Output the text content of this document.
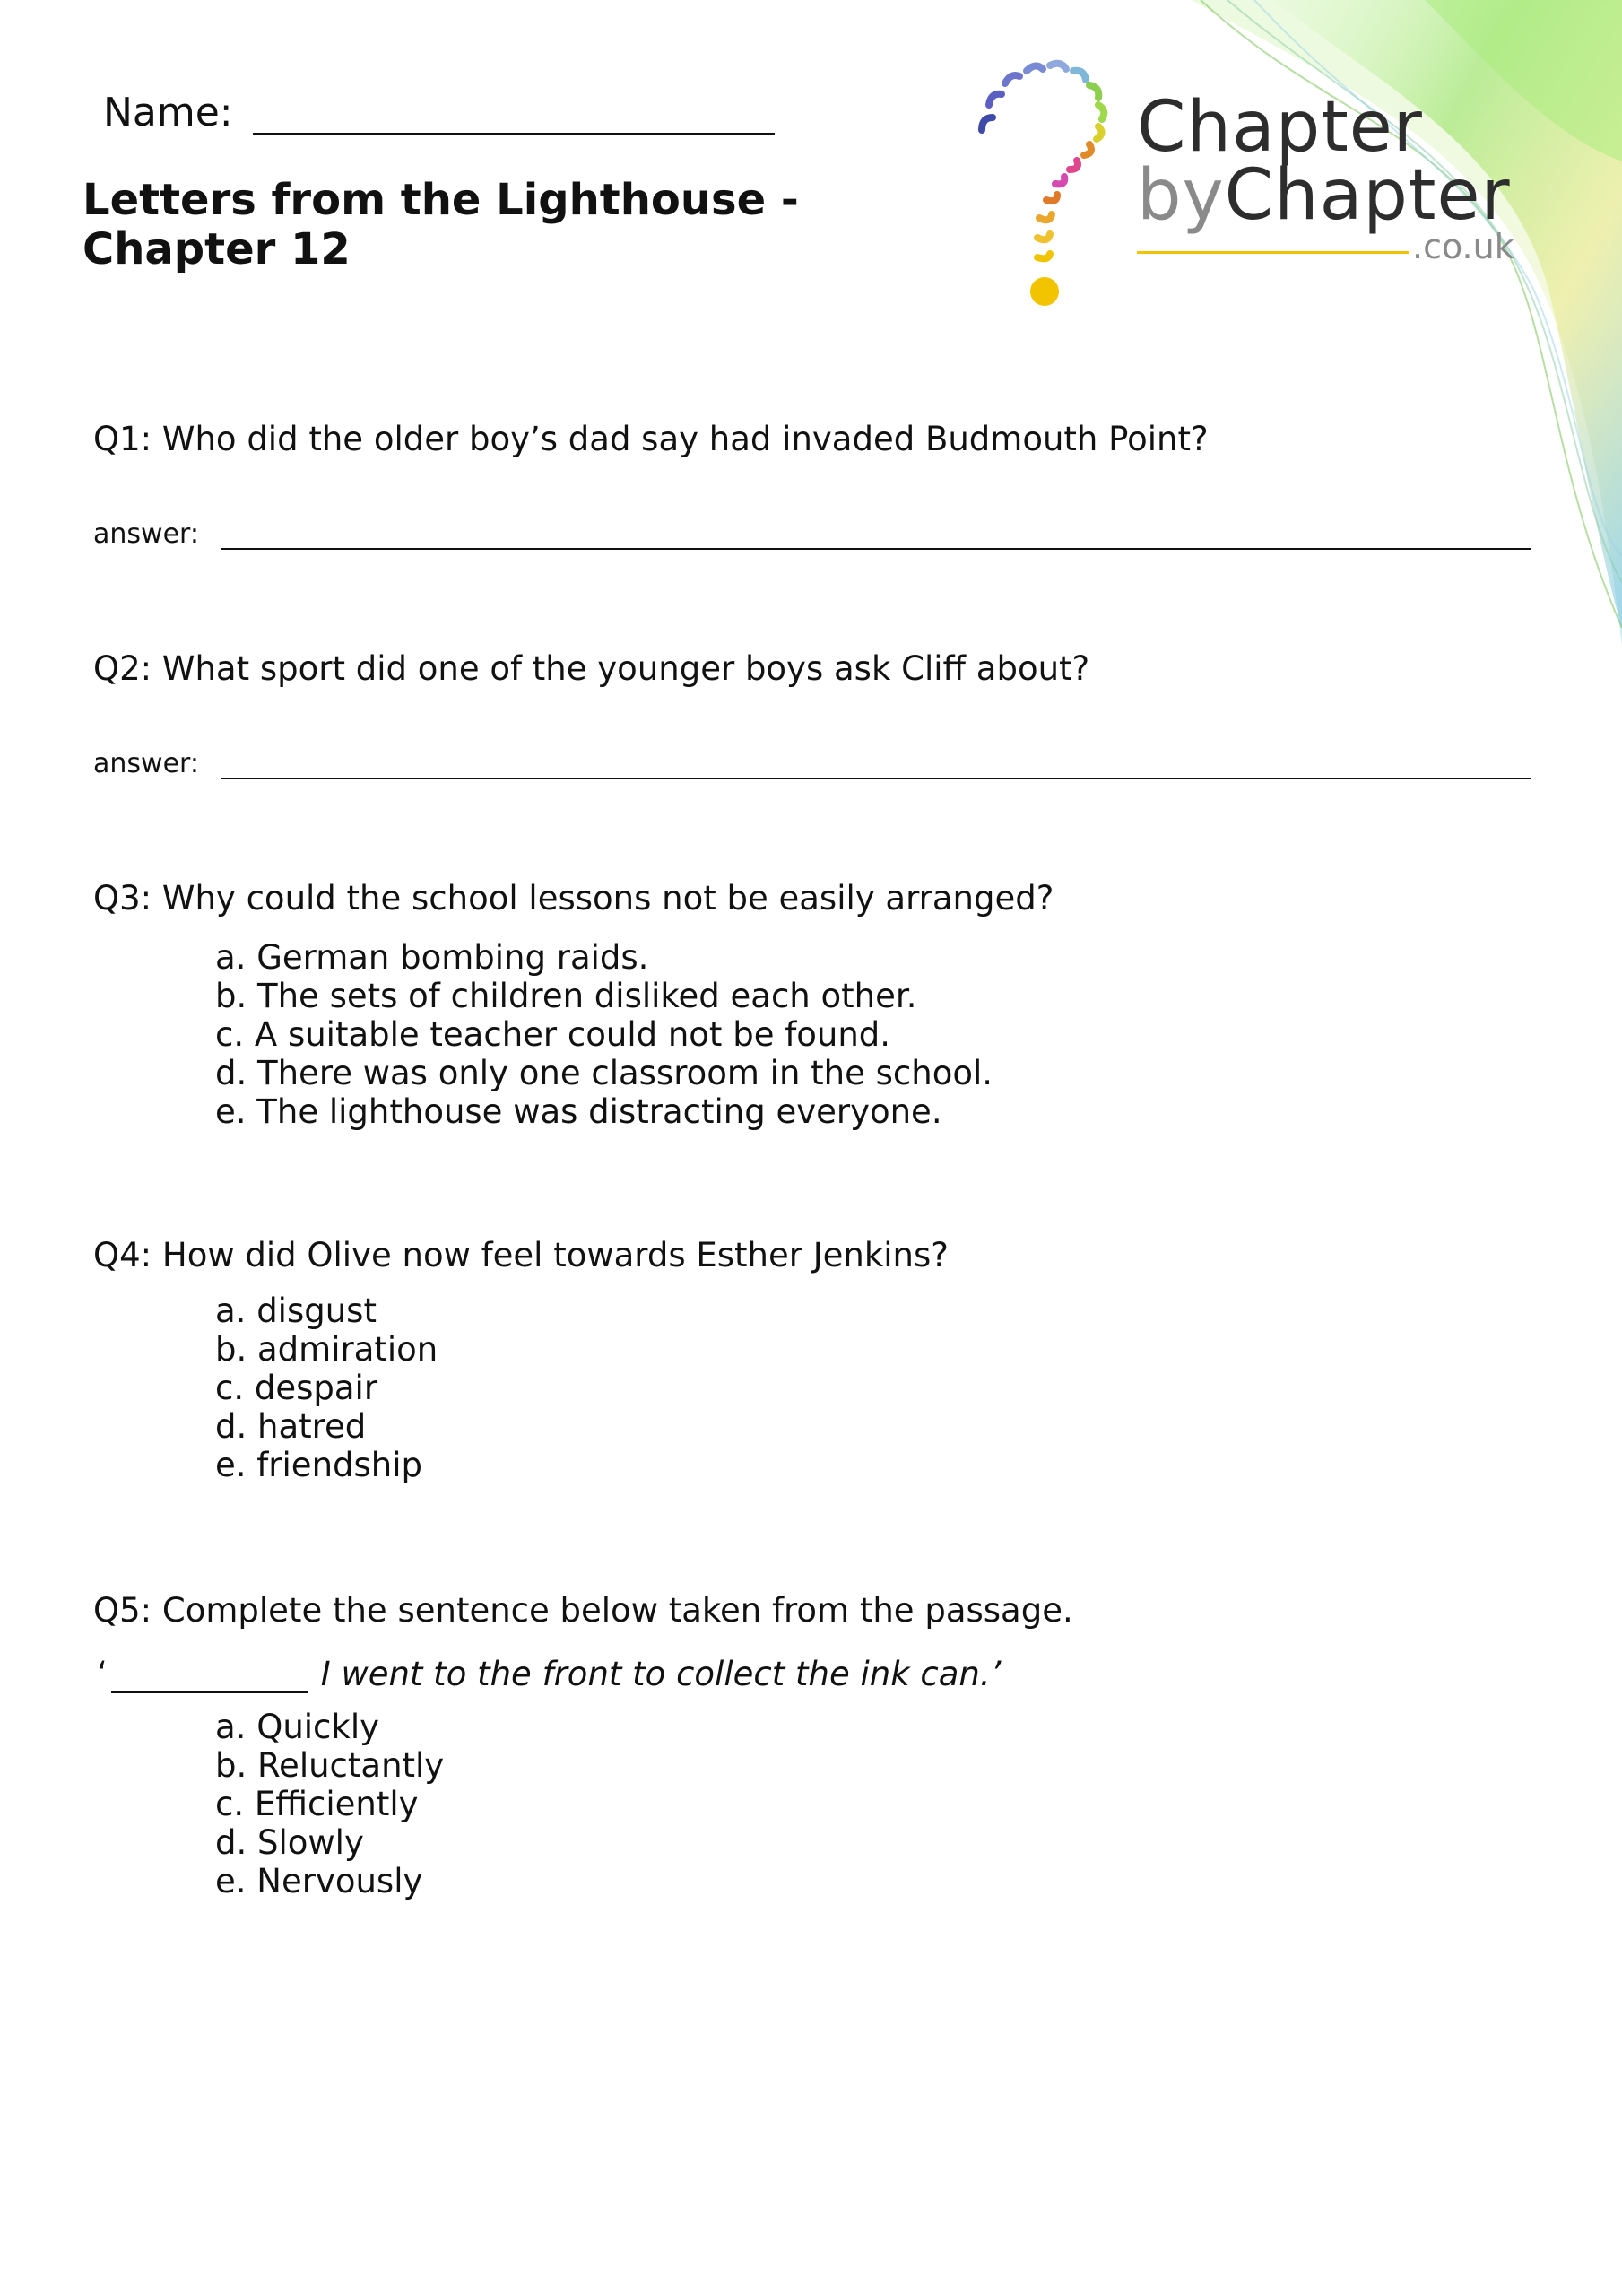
Name:
Letters from the Lighthouse - Chapter 12
Chapter
byChapter
.co.uk
Q1: Who did the older boy’s dad say had invaded Budmouth Point?
answer:
Q2: What sport did one of the younger boys ask Cliff about?
answer:
Q3: Why could the school lessons not be easily arranged?
a. German bombing raids.
b. The sets of children disliked each other.
c. A suitable teacher could not be found.
d. There was only one classroom in the school.
e. The lighthouse was distracting everyone.
Q4: How did Olive now feel towards Esther Jenkins?
a. disgust
b. admiration
c. despair
d. hatred
e. friendship
Q5: Complete the sentence below taken from the passage.
‘	I went to the front to collect the ink can.’
a. Quickly
b. Reluctantly
c. Efficiently
d. Slowly
e. Nervously
